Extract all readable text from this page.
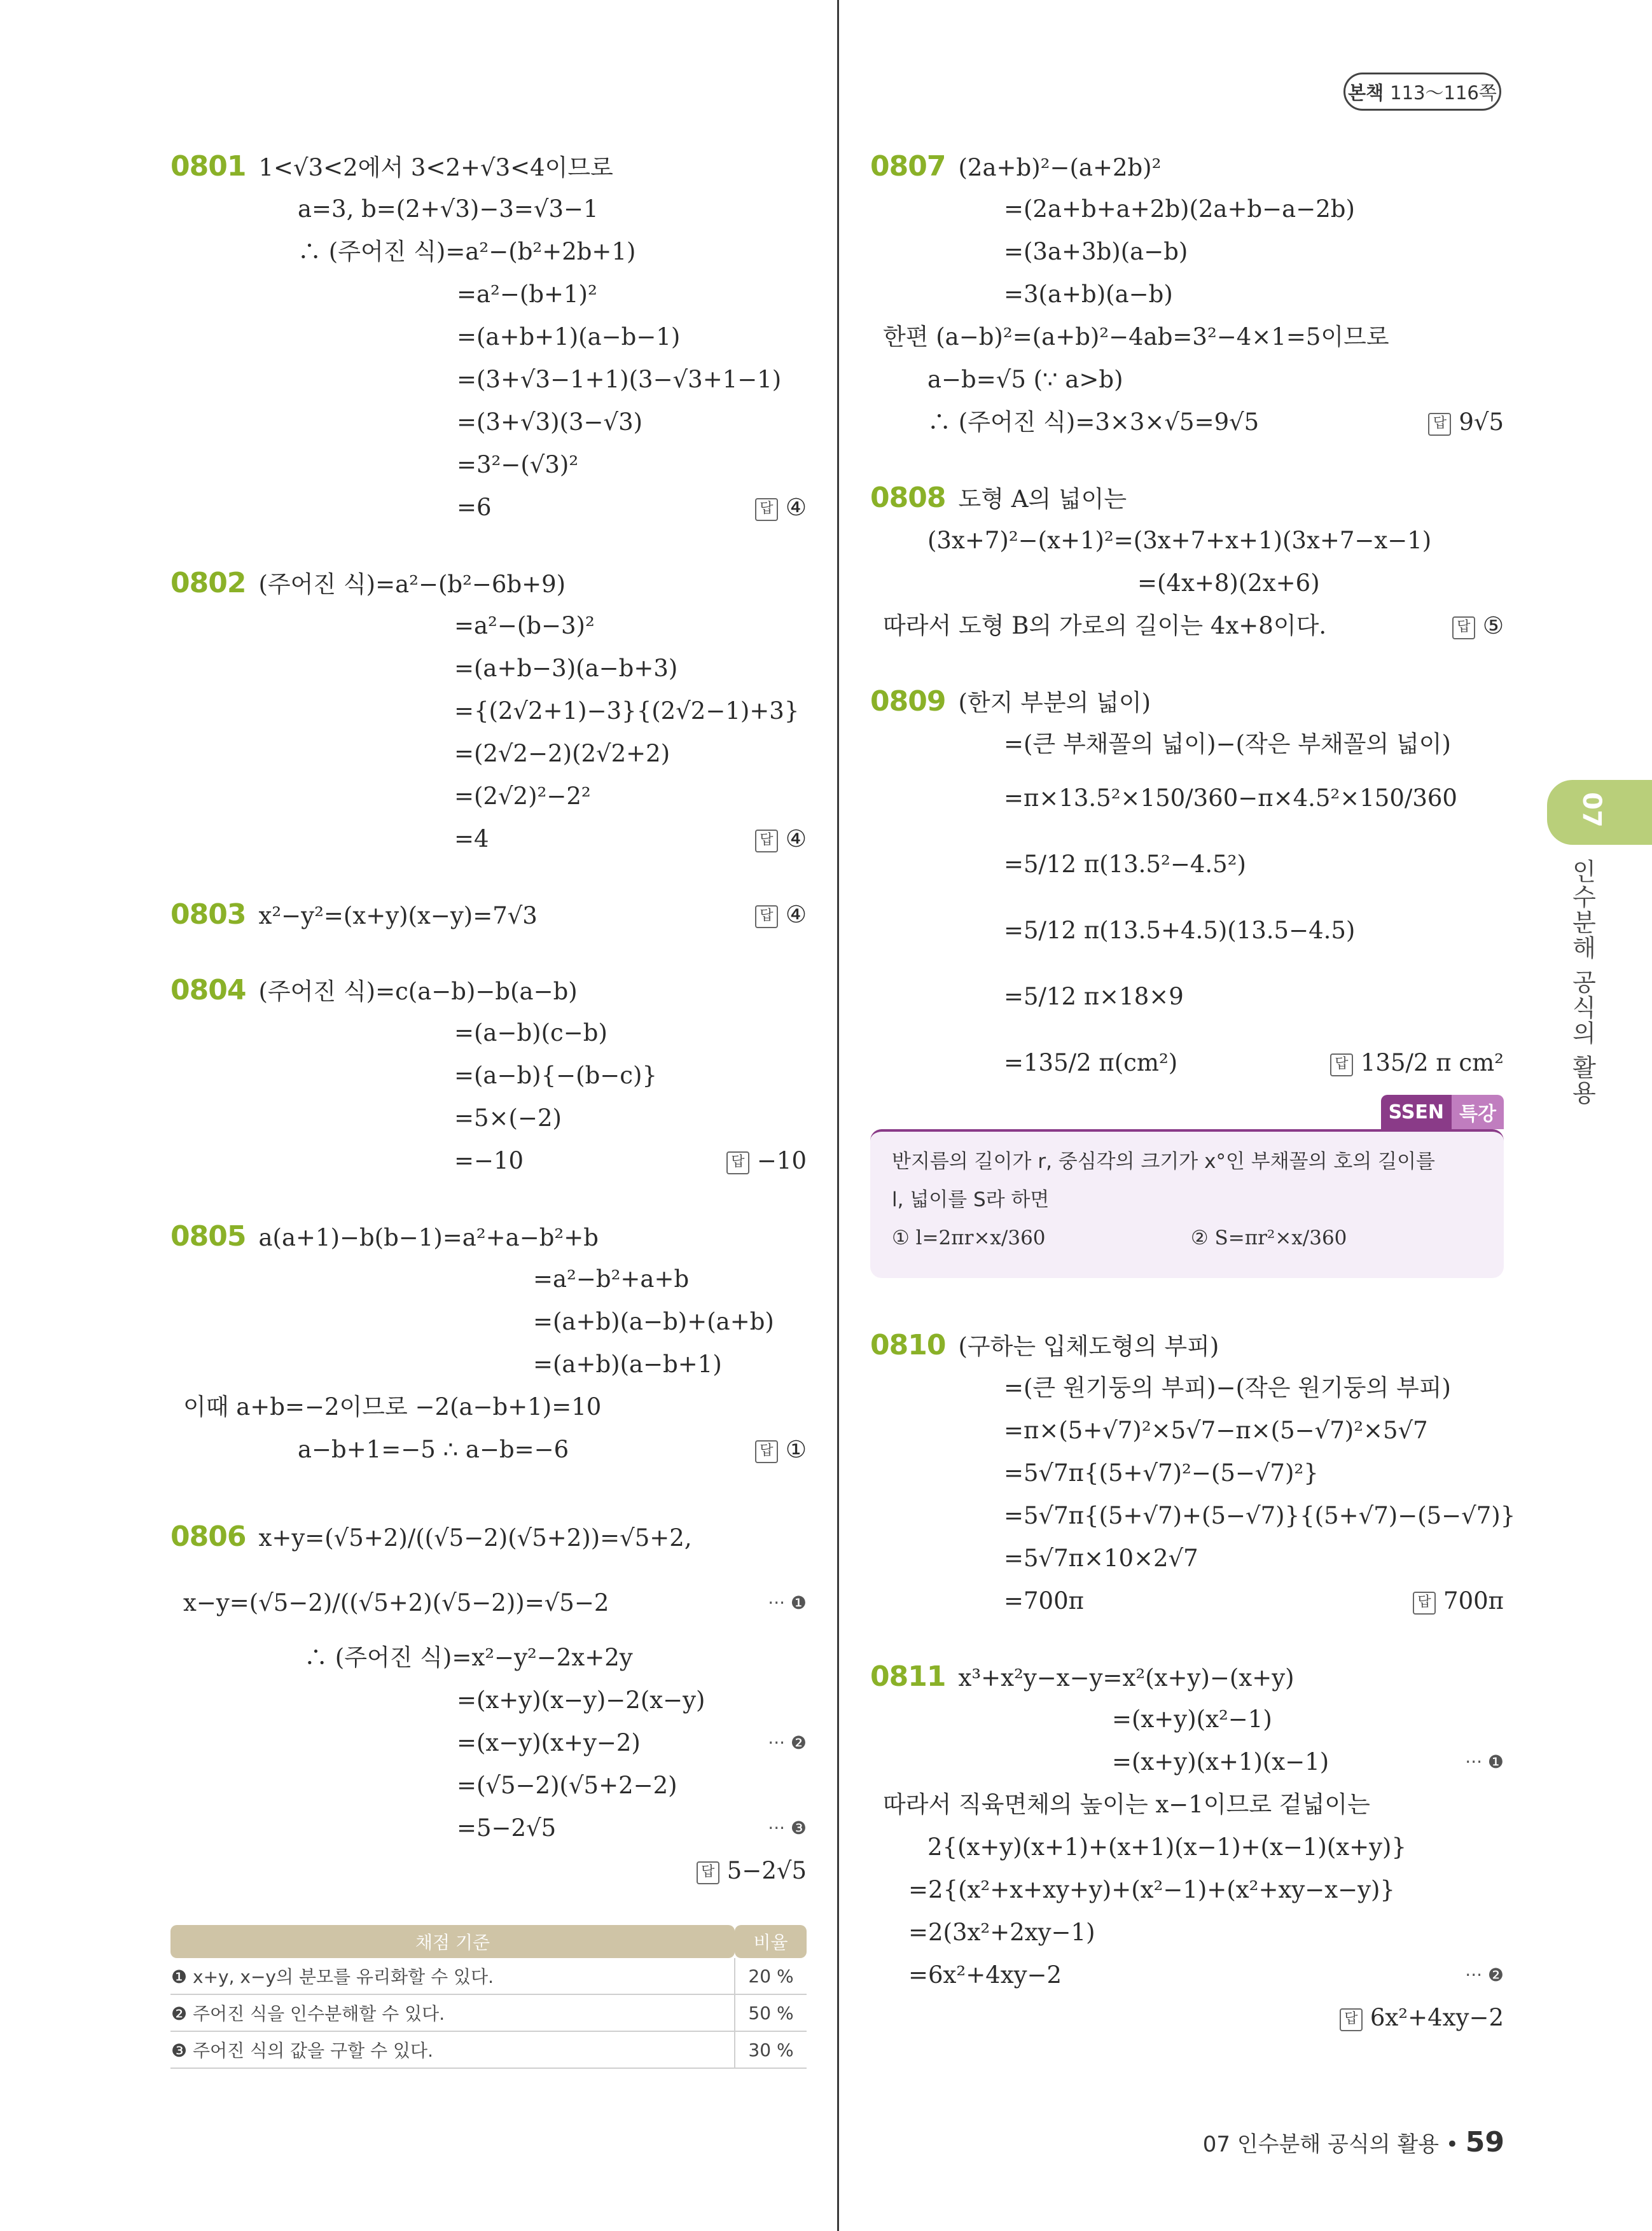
본책 113〜116쪽
0801 1<√3<2에서 3<2+√3<4이므로
a=3, b=(2+√3)−3=√3−1
∴ (주어진 식)=a²−(b²+2b+1)
=a²−(b+1)²
=(a+b+1)(a−b−1)
=(3+√3−1+1)(3−√3+1−1)
=(3+√3)(3−√3)
=3²−(√3)²
=6	답 ④
0802 (주어진 식)=a²−(b²−6b+9)
=a²−(b−3)²
=(a+b−3)(a−b+3)
={(2√2+1)−3}{(2√2−1)+3}
=(2√2−2)(2√2+2)
=(2√2)²−2²
=4	답 ④
0803 x²−y²=(x+y)(x−y)=7√3	답 ④
0804 (주어진 식)=c(a−b)−b(a−b)
=(a−b)(c−b)
=(a−b){−(b−c)}
=5×(−2)
=−10	답 −10
0805 a(a+1)−b(b−1)=a²+a−b²+b
=a²−b²+a+b
=(a+b)(a−b)+(a+b)
=(a+b)(a−b+1)
이때 a+b=−2이므로 −2(a−b+1)=10
a−b+1=−5 ∴ a−b=−6	답 ①
0806 x+y=(√5+2)/((√5−2)(√5+2))=√5+2,
x−y=(√5−2)/((√5+2)(√5−2))=√5−2	··· ❶
∴ (주어진 식)=x²−y²−2x+2y
=(x+y)(x−y)−2(x−y)
=(x−y)(x+y−2)	··· ❷
=(√5−2)(√5+2−2)
=5−2√5	··· ❸
답 5−2√5
채점 기준	비율
❶ x+y, x−y의 분모를 유리화할 수 있다.	20 %
❷ 주어진 식을 인수분해할 수 있다.	50 %
❸ 주어진 식의 값을 구할 수 있다.	30 %
0807 (2a+b)²−(a+2b)²
=(2a+b+a+2b)(2a+b−a−2b)
=(3a+3b)(a−b)
=3(a+b)(a−b)
한편 (a−b)²=(a+b)²−4ab=3²−4×1=5이므로
a−b=√5 (∵ a>b)
∴ (주어진 식)=3×3×√5=9√5	답 9√5
0808 도형 A의 넓이는
(3x+7)²−(x+1)²=(3x+7+x+1)(3x+7−x−1)
=(4x+8)(2x+6)
따라서 도형 B의 가로의 길이는 4x+8이다.	답 ⑤
0809 (한지 부분의 넓이)
=(큰 부채꼴의 넓이)−(작은 부채꼴의 넓이)
=π×13.5²×150/360−π×4.5²×150/360
=5/12 π(13.5²−4.5²)
=5/12 π(13.5+4.5)(13.5−4.5)
=5/12 π×18×9
=135/2 π(cm²)	답 135/2 π cm²
SSEN 특강

반지름의 길이가 r, 중심각의 크기가 x°인 부채꼴의 호의 길이를

l, 넓이를 S라 하면

① l=2πr×x/360	② S=πr²×x/360

0810 (구하는 입체도형의 부피)
=(큰 원기둥의 부피)−(작은 원기둥의 부피)
=π×(5+√7)²×5√7−π×(5−√7)²×5√7
=5√7π{(5+√7)²−(5−√7)²}
=5√7π{(5+√7)+(5−√7)}{(5+√7)−(5−√7)}
=5√7π×10×2√7
=700π	답 700π
0811 x³+x²y−x−y=x²(x+y)−(x+y)
=(x+y)(x²−1)
=(x+y)(x+1)(x−1)	··· ❶
따라서 직육면체의 높이는 x−1이므로 겉넓이는
2{(x+y)(x+1)+(x+1)(x−1)+(x−1)(x+y)}
=2{(x²+x+xy+y)+(x²−1)+(x²+xy−x−y)}
=2(3x²+2xy−1)
=6x²+4xy−2	··· ❷
답 6x²+4xy−2
07
인수분해 공식의 활용
07 인수분해 공식의 활용 • 59
